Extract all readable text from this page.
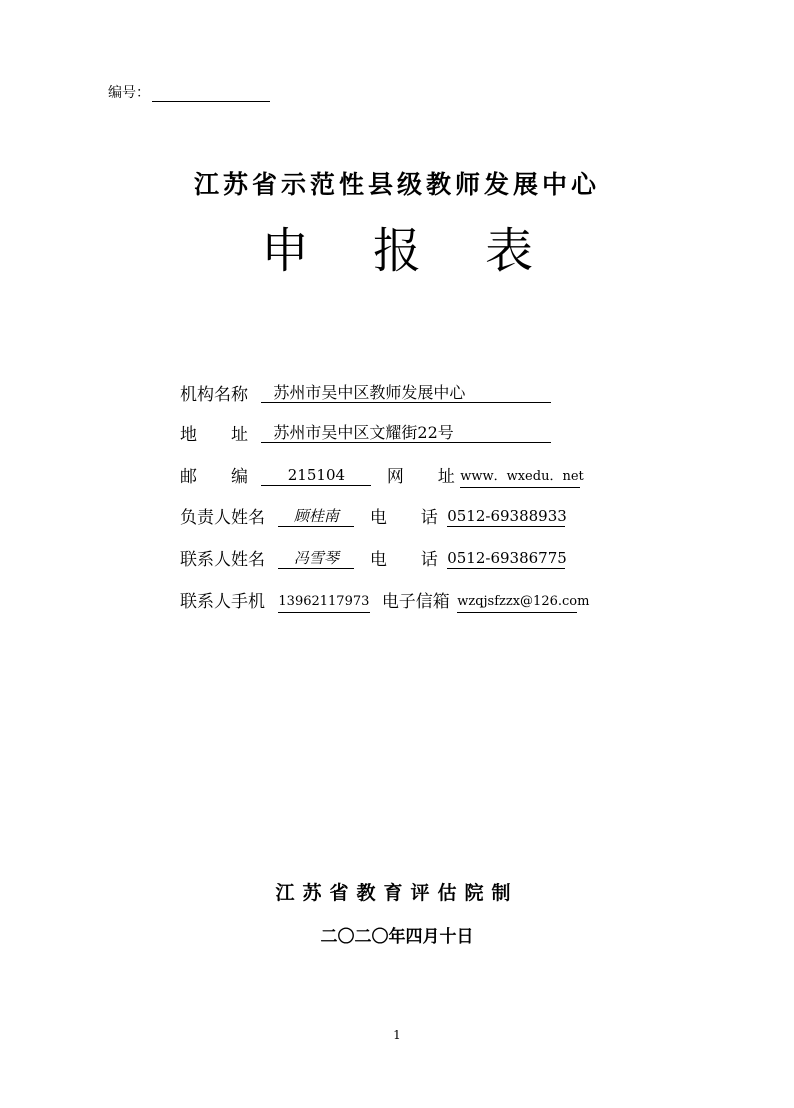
编号：
江苏省示范性县级教师发展中心
申 报 表
机构名称 苏州市吴中区教师发展中心
地　　址 苏州市吴中区文耀街22号
邮　　编	215104 网　　址 www．wxedu．net
负责人姓名 顾桂南 电　　话 0512-69388933
联系人姓名 冯雪琴 电　　话 0512-69386775
联系人手机 13962117973 电子信箱 wzqjsfzzx@126.com
江苏省教育评估院制
二〇二〇年四月十日
1
